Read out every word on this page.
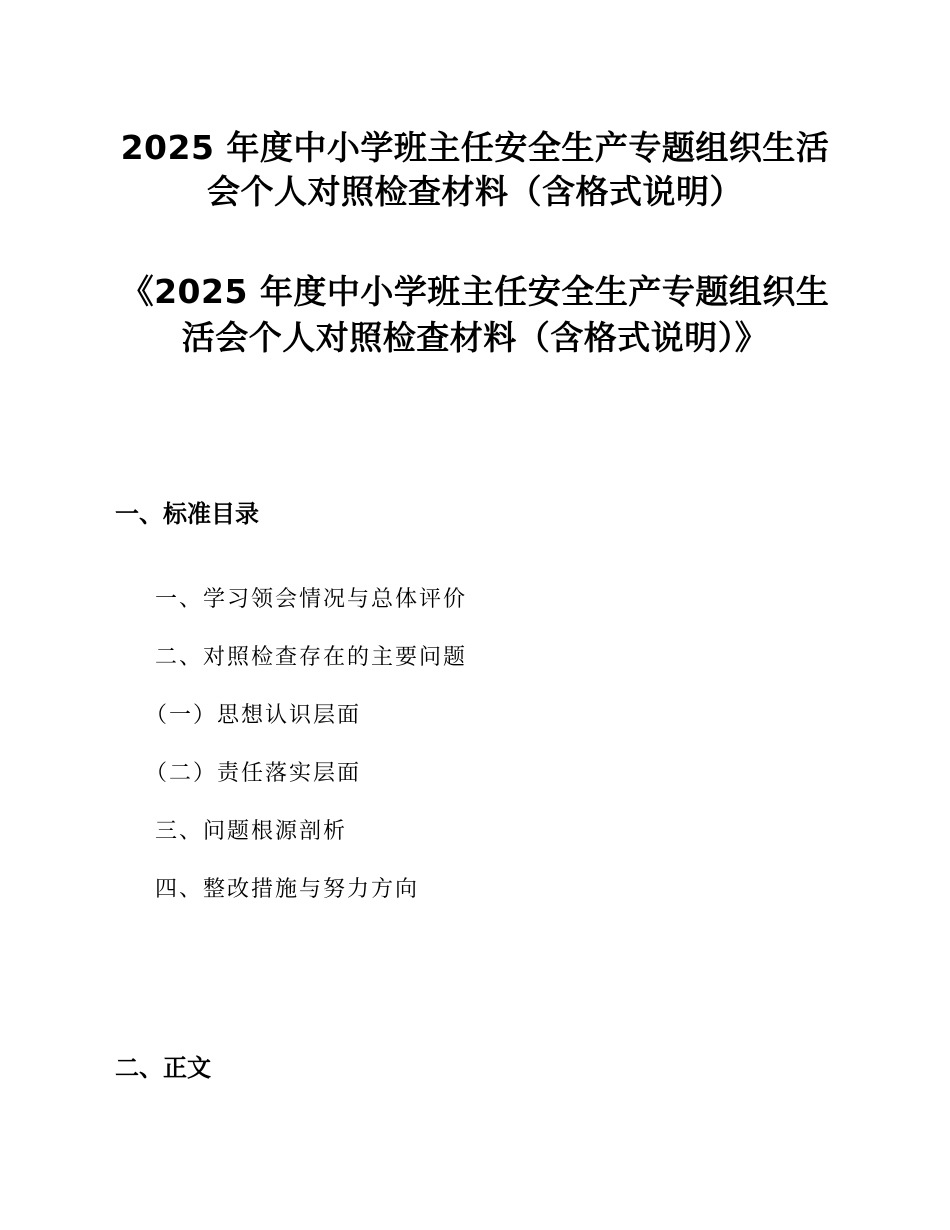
2025 年度中小学班主任安全生产专题组织生活
会个人对照检查材料（含格式说明）
《2025 年度中小学班主任安全生产专题组织生
活会个人对照检查材料（含格式说明）》
一、标准目录
一、学习领会情况与总体评价
二、对照检查存在的主要问题
（一）思想认识层面
（二）责任落实层面
三、问题根源剖析
四、整改措施与努力方向
二、正文
